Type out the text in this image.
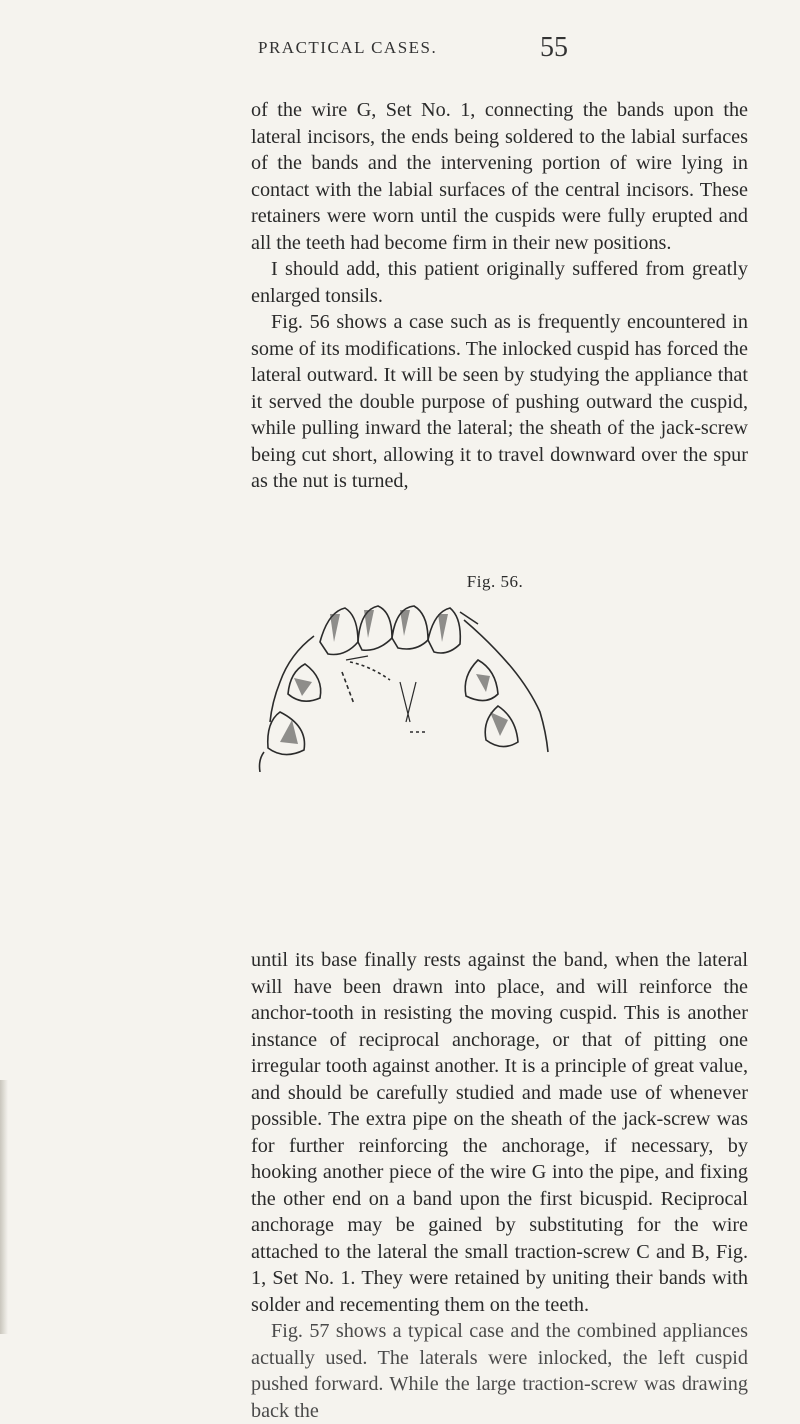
PRACTICAL CASES.	55

of the wire G, Set No. 1, connecting the bands upon the lateral incisors, the ends being soldered to the labial surfaces of the bands and the intervening portion of wire lying in contact with the labial surfaces of the central incisors. These retainers were worn until the cuspids were fully erupted and all the teeth had become firm in their new positions.

I should add, this patient originally suffered from greatly enlarged tonsils.

Fig. 56 shows a case such as is frequently encountered in some of its modifications. The inlocked cuspid has forced the lateral outward. It will be seen by studying the appliance that it served the double purpose of pushing outward the cuspid, while pulling inward the lateral; the sheath of the jack-screw being cut short, allowing it to travel downward over the spur as the nut is turned,

Fig. 56.

until its base finally rests against the band, when the lateral will have been drawn into place, and will reinforce the anchor-tooth in resisting the moving cuspid. This is another instance of reciprocal anchorage, or that of pitting one irregular tooth against another. It is a principle of great value, and should be carefully studied and made use of whenever possible. The extra pipe on the sheath of the jack-screw was for further reinforcing the anchorage, if necessary, by hooking another piece of the wire G into the pipe, and fixing the other end on a band upon the first bicuspid. Reciprocal anchorage may be gained by substituting for the wire attached to the lateral the small traction-screw C and B, Fig. 1, Set No. 1. They were retained by uniting their bands with solder and recementing them on the teeth.

Fig. 57 shows a typical case and the combined appliances actually used. The laterals were inlocked, the left cuspid pushed forward. While the large traction-screw was drawing back the
